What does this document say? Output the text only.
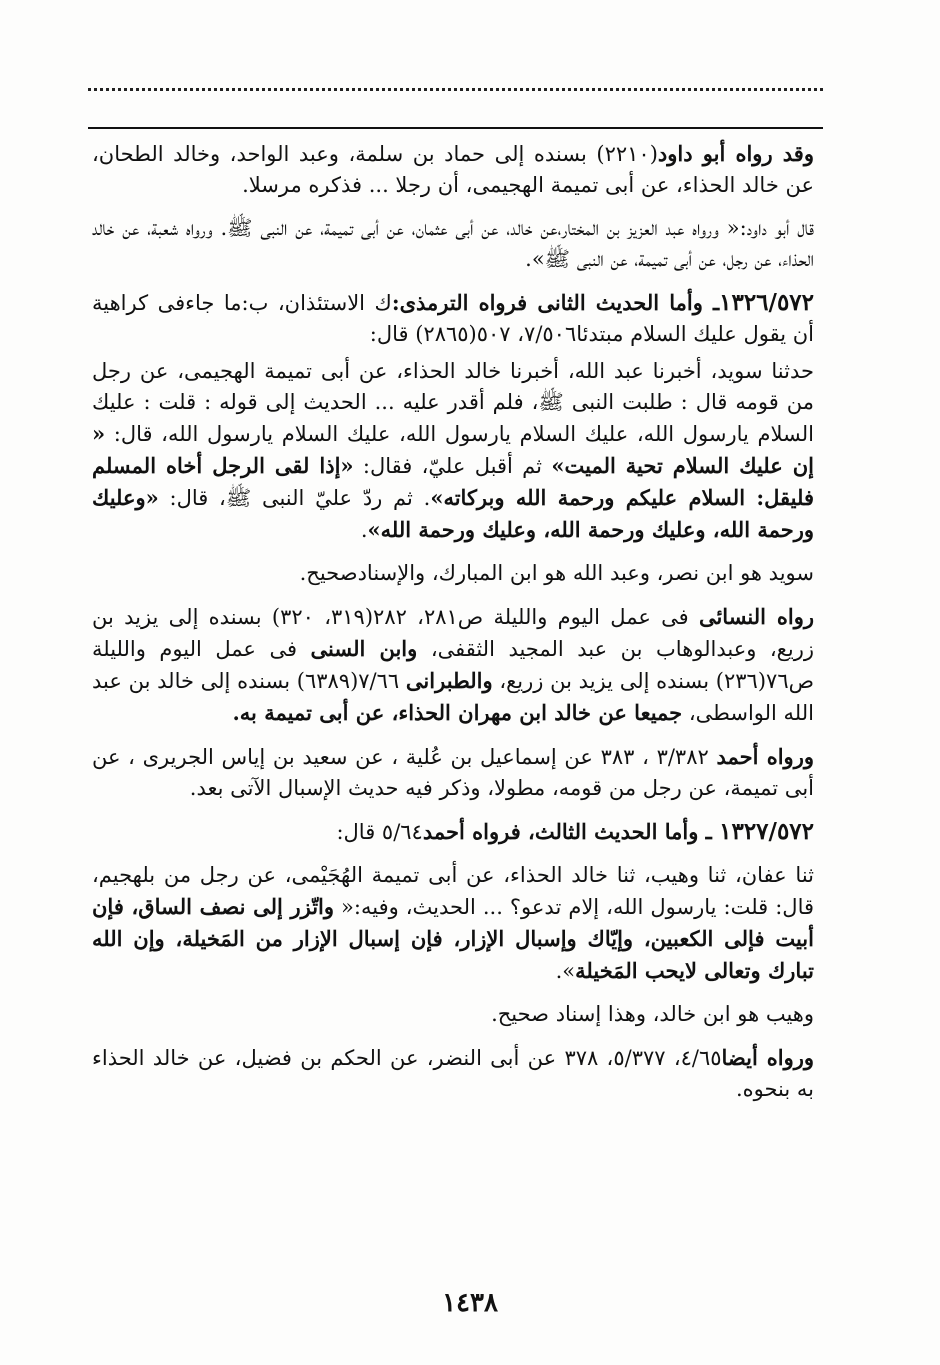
وقد رواه أبو داود(٢٢١٠) بسنده إلى حماد بن سلمة، وعبد الواحد، وخالد الطحان، عن خالد الحذاء، عن أبى تميمة الهجيمى، أن رجلا ... فذكره مرسلا.

قال أبو داود:« ورواه عبد العزيز بن المختار،عن خالد، عن أبى عثمان، عن أبى تميمة، عن النبى ﷺ. ورواه شعبة، عن خالد الحذاء، عن رجل، عن أبى تميمة، عن النبى ﷺ».

١٣٢٦/٥٧٢ـ وأما الحديث الثانى فرواه الترمذى:ك الاستئذان، ب:ما جاءفى كراهية أن يقول عليك السلام مبتدئا٧/٥٠٦، ٥٠٧(٢٨٦٥) قال:

حدثنا سويد، أخبرنا عبد الله، أخبرنا خالد الحذاء، عن أبى تميمة الهجيمى، عن رجل من قومه قال : طلبت النبى ﷺ، فلم أقدر عليه ... الحديث إلى قوله : قلت : عليك السلام يارسول الله، عليك السلام يارسول الله، عليك السلام يارسول الله، قال: « إن عليك السلام تحية الميت» ثم أقبل عليّ، فقال: «إذا لقى الرجل أخاه المسلم فليقل: السلام عليكم ورحمة الله وبركاته». ثم ردّ عليّ النبى ﷺ، قال: «وعليك ورحمة الله، وعليك ورحمة الله، وعليك ورحمة الله».

سويد هو ابن نصر، وعبد الله هو ابن المبارك، والإسنادصحيح.

رواه النسائى فى عمل اليوم والليلة ص٢٨١، ٢٨٢(٣١٩، ٣٢٠) بسنده إلى يزيد بن زريع، وعبدالوهاب بن عبد المجيد الثقفى، وابن السنى فى عمل اليوم والليلة ص٧٦(٢٣٦) بسنده إلى يزيد بن زريع، والطبرانى ٧/٦٦(٦٣٨٩) بسنده إلى خالد بن عبد الله الواسطى، جميعا عن خالد ابن مهران الحذاء، عن أبى تميمة به.

ورواه أحمد ٣/٣٨٢ ، ٣٨٣ عن إسماعيل بن عُلية ، عن سعيد بن إياس الجريرى ، عن أبى تميمة، عن رجل من قومه، مطولا، وذكر فيه حديث الإسبال الآتى بعد.

١٣٢٧/٥٧٢ ـ وأما الحديث الثالث، فرواه أحمد٥/٦٤ قال:

ثنا عفان، ثنا وهيب، ثنا خالد الحذاء، عن أبى تميمة الهُجَيْمى، عن رجل من بلهجيم، قال: قلت: يارسول الله، إلام تدعو؟ ... الحديث، وفيه:« واتّزر إلى نصف الساق، فإن أبيت فإلى الكعبين، وإيّاك وإسبال الإزار، فإن إسبال الإزار من المَخيلة، وإن الله تبارك وتعالى لايحب المَخيلة».

وهيب هو ابن خالد، وهذا إسناد صحيح.

ورواه أيضا٤/٦٥، ٥/٣٧٧، ٣٧٨ عن أبى النضر، عن الحكم بن فضيل، عن خالد الحذاء به بنحوه.

١٤٣٨
